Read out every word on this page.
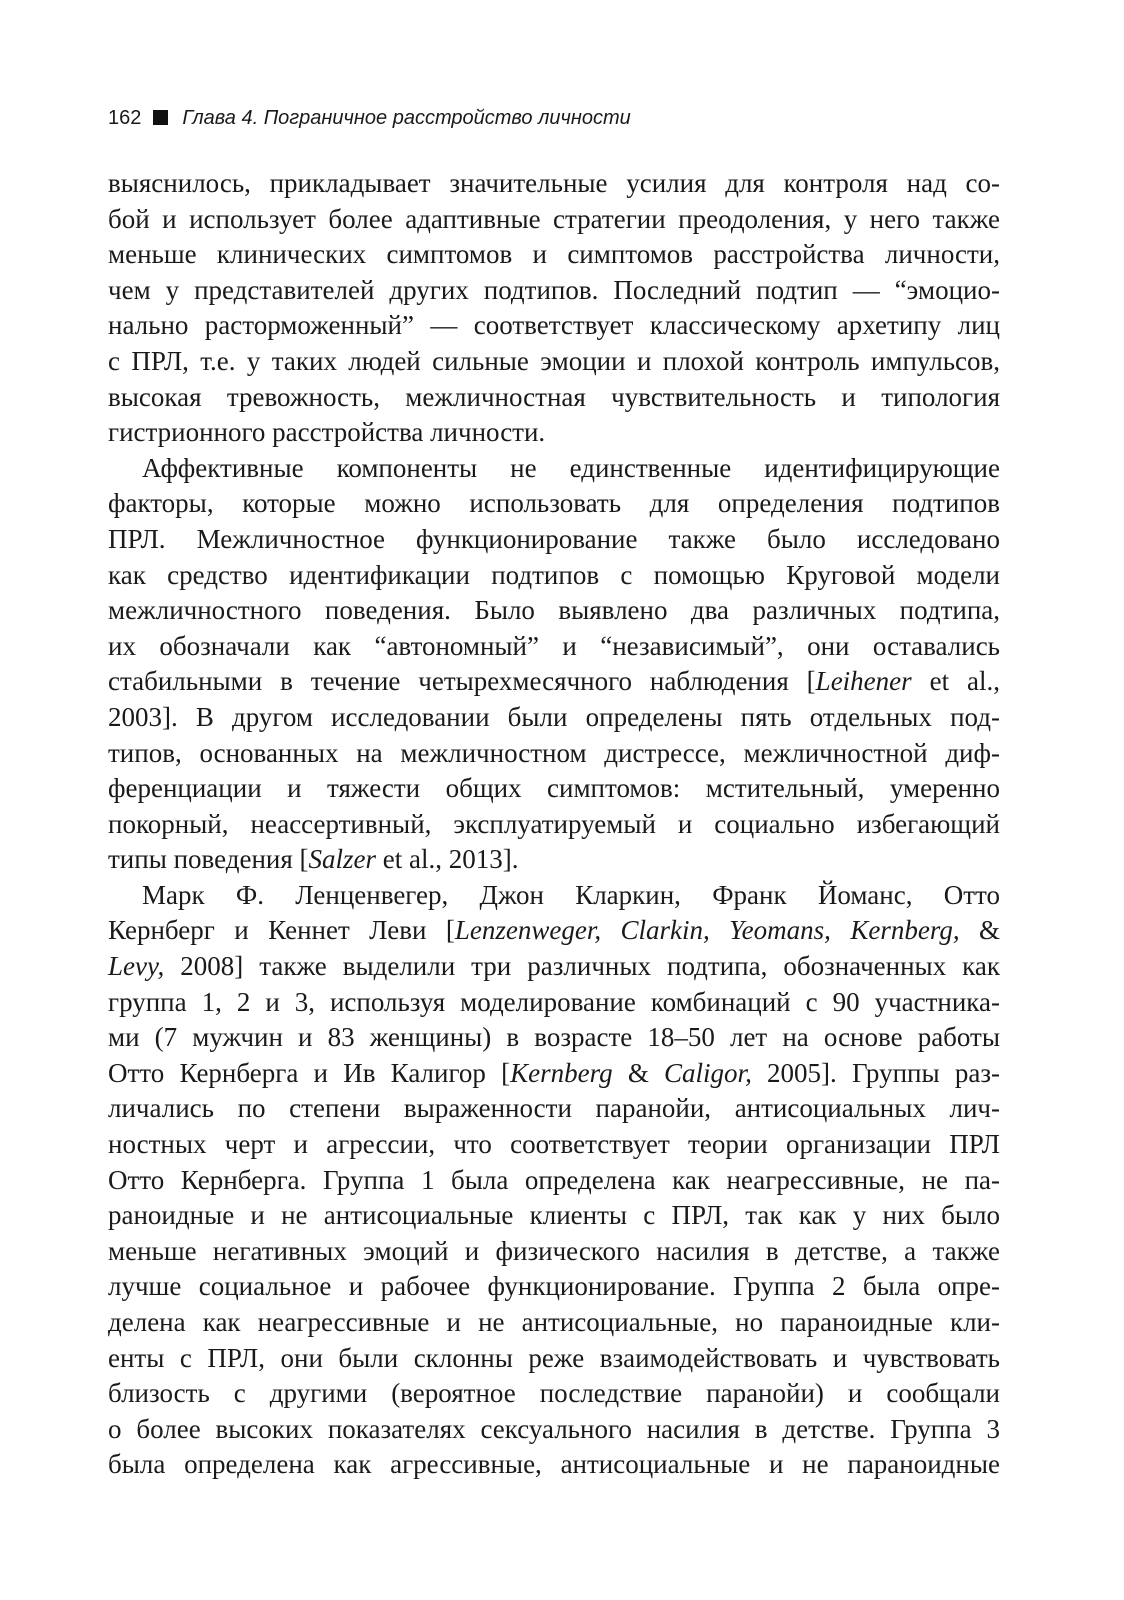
162 Глава 4. Пограничное расстройство личности
выяснилось, прикладывает значительные усилия для контроля над со-
бой и использует более адаптивные стратегии преодоления, у него также
меньше клинических симптомов и симптомов расстройства личности,
чем у представителей других подтипов. Последний подтип — “эмоцио-
нально расторможенный” — соответствует классическому архетипу лиц
с ПРЛ, т.е. у таких людей сильные эмоции и плохой контроль импульсов,
высокая тревожность, межличностная чувствительность и типология
гистрионного расстройства личности.
Аффективные компоненты не единственные идентифицирующие
факторы, которые можно использовать для определения подтипов
ПРЛ. Межличностное функционирование также было исследовано
как средство идентификации подтипов с помощью Круговой модели
межличностного поведения. Было выявлено два различных подтипа,
их обозначали как “автономный” и “независимый”, они оставались
стабильными в течение четырехмесячного наблюдения [Leihener et al.,
2003]. В другом исследовании были определены пять отдельных под-
типов, основанных на межличностном дистрессе, межличностной диф-
ференциации и тяжести общих симптомов: мстительный, умеренно
покорный, неассертивный, эксплуатируемый и социально избегающий
типы поведения [Salzer et al., 2013].
Марк Ф. Ленценвегер, Джон Кларкин, Франк Йоманс, Отто
Кернберг и Кеннет Леви [Lenzenweger, Clarkin, Yeomans, Kernberg, &
Levy, 2008] также выделили три различных подтипа, обозначенных как
группа 1, 2 и 3, используя моделирование комбинаций с 90 участника-
ми (7 мужчин и 83 женщины) в возрасте 18–50 лет на основе работы
Отто Кернберга и Ив Калигор [Kernberg & Caligor, 2005]. Группы раз-
личались по степени выраженности паранойи, антисоциальных лич-
ностных черт и агрессии, что соответствует теории организации ПРЛ
Отто Кернберга. Группа 1 была определена как неагрессивные, не па-
раноидные и не антисоциальные клиенты с ПРЛ, так как у них было
меньше негативных эмоций и физического насилия в детстве, а также
лучше социальное и рабочее функционирование. Группа 2 была опре-
делена как неагрессивные и не антисоциальные, но параноидные кли-
енты с ПРЛ, они были склонны реже взаимодействовать и чувствовать
близость с другими (вероятное последствие паранойи) и сообщали
о более высоких показателях сексуального насилия в детстве. Группа 3
была определена как агрессивные, антисоциальные и не параноидные
